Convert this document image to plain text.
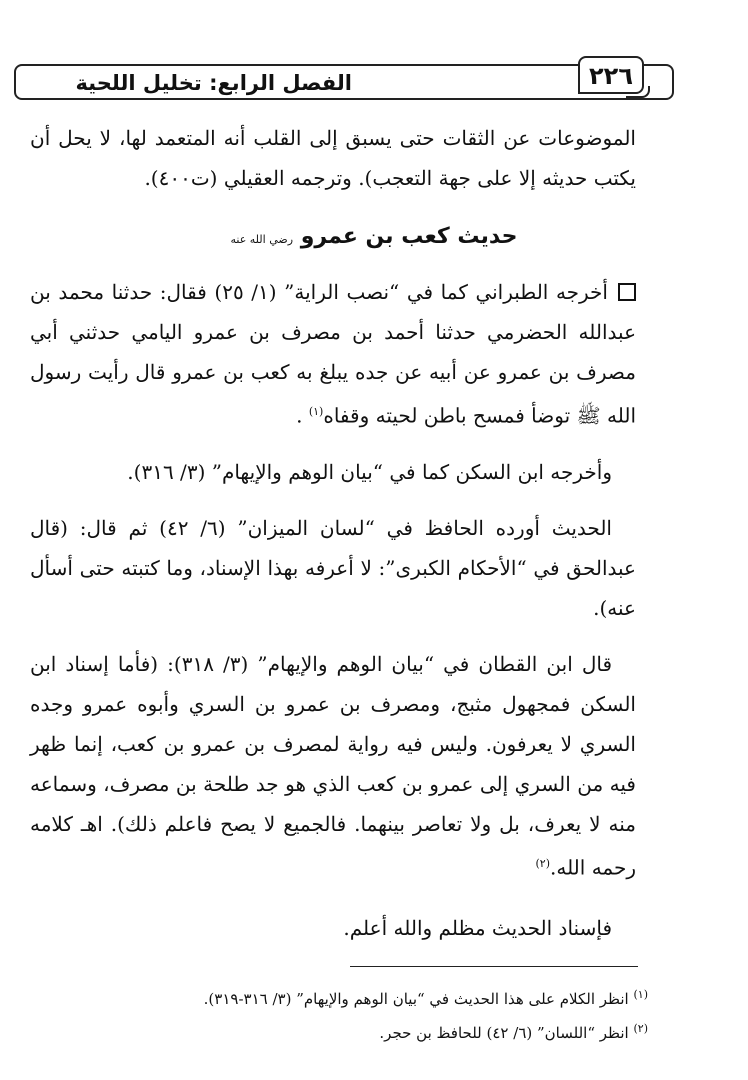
الفصل الرابع: تخليل اللحية	٢٢٦

الموضوعات عن الثقات حتى يسبق إلى القلب أنه المتعمد لها، لا يحل أن يكتب حديثه إلا على جهة التعجب). وترجمه العقيلي (ت٤٠٠).

حديث كعب بن عمرو رضي الله عنه

أخرجه الطبراني كما في “نصب الراية” (١/ ٢٥) فقال: حدثنا محمد بن عبدالله الحضرمي حدثنا أحمد بن مصرف بن عمرو اليامي حدثني أبي مصرف بن عمرو عن أبيه عن جده يبلغ به كعب بن عمرو قال رأيت رسول الله ﷺ توضأ فمسح باطن لحيته وقفاه$^{(١)}$ .

وأخرجه ابن السكن كما في “بيان الوهم والإيهام” (٣/ ٣١٦).

الحديث أورده الحافظ في “لسان الميزان” (٦/ ٤٢) ثم قال: (قال عبدالحق في “الأحكام الكبرى”: لا أعرفه بهذا الإسناد، وما كتبته حتى أسأل عنه).

قال ابن القطان في “بيان الوهم والإيهام” (٣/ ٣١٨): (فأما إسناد ابن السكن فمجهول مثبج، ومصرف بن عمرو بن السري وأبوه عمرو وجده السري لا يعرفون. وليس فيه رواية لمصرف بن عمرو بن كعب، إنما ظهر فيه من السري إلى عمرو بن كعب الذي هو جد طلحة بن مصرف، وسماعه منه لا يعرف، بل ولا تعاصر بينهما. فالجميع لا يصح فاعلم ذلك). اهـ كلامه رحمه الله.$^{(٢)}$

فإسناد الحديث مظلم والله أعلم.

$^{(١)}$ انظر الكلام على هذا الحديث في “بيان الوهم والإيهام” (٣/ ٣١٦-٣١٩).
$^{(٢)}$ انظر “اللسان” (٦/ ٤٢) للحافظ بن حجر.
